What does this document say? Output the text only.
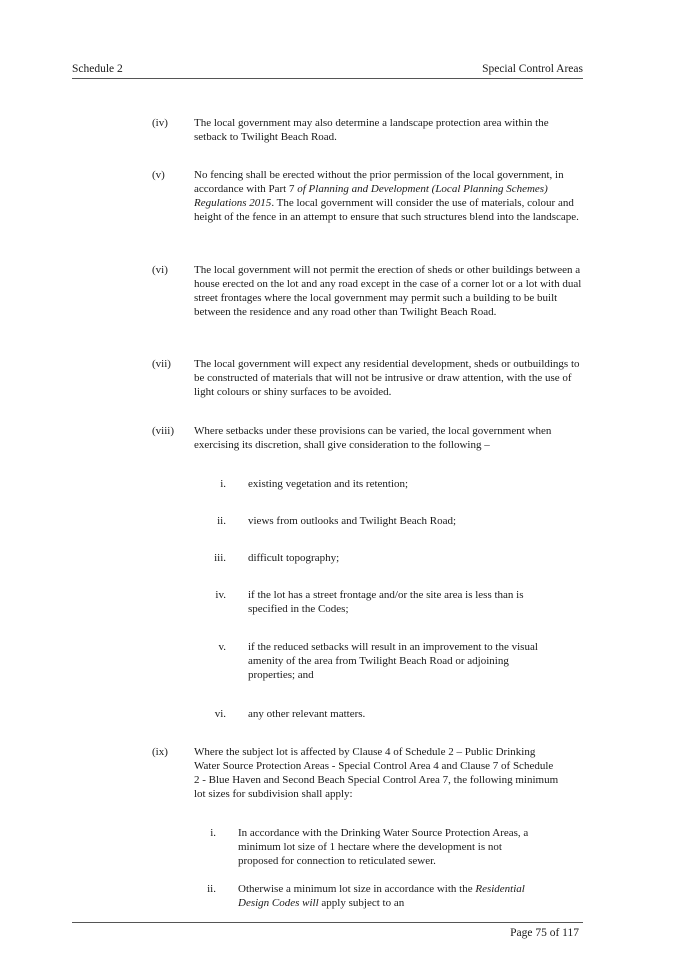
Schedule 2	Special Control Areas
(iv) The local government may also determine a landscape protection area within the setback to Twilight Beach Road.
(v)	No fencing shall be erected without the prior permission of the local government, in accordance with Part 7 of Planning and Development (Local Planning Schemes) Regulations 2015. The local government will consider the use of materials, colour and height of the fence in an attempt to ensure that such structures blend into the landscape.
(vi) The local government will not permit the erection of sheds or other buildings between a house erected on the lot and any road except in the case of a corner lot or a lot with dual street frontages where the local government may permit such a building to be built between the residence and any road other than Twilight Beach Road.
(vii) The local government will expect any residential development, sheds or outbuildings to be constructed of materials that will not be intrusive or draw attention, with the use of light colours or shiny surfaces to be avoided.
(viii) Where setbacks under these provisions can be varied, the local government when exercising its discretion, shall give consideration to the following –
i. existing vegetation and its retention;
ii. views from outlooks and Twilight Beach Road;
iii. difficult topography;
iv. if the lot has a street frontage and/or the site area is less than is specified in the Codes;
v. if the reduced setbacks will result in an improvement to the visual amenity of the area from Twilight Beach Road or adjoining properties; and
vi. any other relevant matters.
(ix) Where the subject lot is affected by Clause 4 of Schedule 2 – Public Drinking Water Source Protection Areas - Special Control Area 4 and Clause 7 of Schedule 2 - Blue Haven and Second Beach Special Control Area 7, the following minimum lot sizes for subdivision shall apply:
i. In accordance with the Drinking Water Source Protection Areas, a minimum lot size of 1 hectare where the development is not proposed for connection to reticulated sewer.
ii. Otherwise a minimum lot size in accordance with the Residential Design Codes will apply subject to an
Page 75 of 117
